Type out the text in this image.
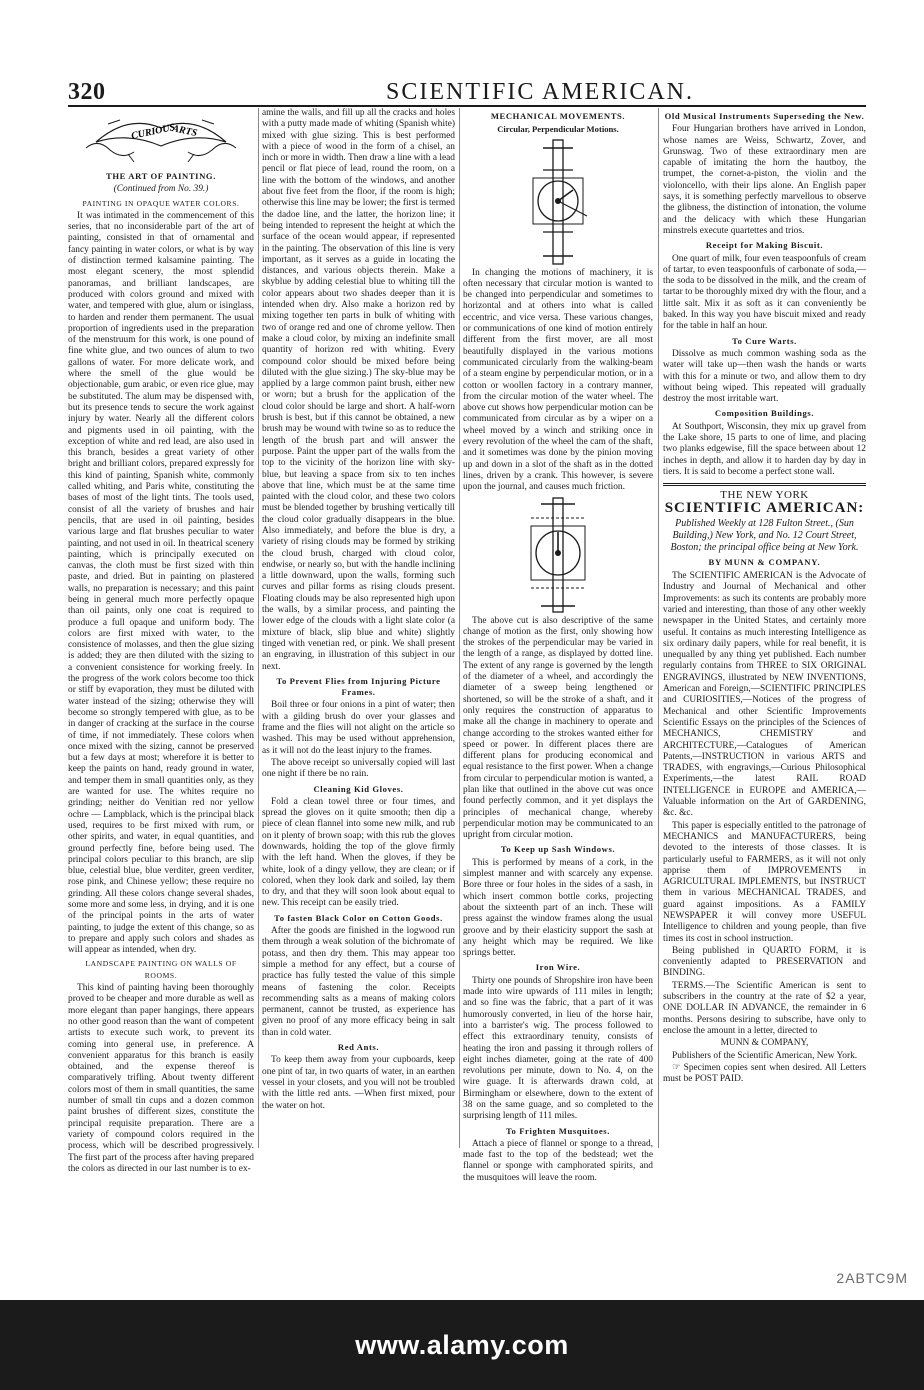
320	SCIENTIFIC AMERICAN.
CURIOUS
ARTS
CURIOUS ARTS
THE ART OF PAINTING.
(Continued from No. 39.)
PAINTING IN OPAQUE WATER COLORS.

It was intimated in the commencement of this series, that no inconsiderable part of the art of painting, consisted in that of ornamental and fancy painting in water colors, or what is by way of distinction termed kalsamine painting. The most elegant scenery, the most splendid panoramas, and brilliant landscapes, are produced with colors ground and mixed with water, and tempered with glue, alum or isinglass, to harden and render them permanent. The usual proportion of ingredients used in the preparation of the menstruum for this work, is one pound of fine white glue, and two ounces of alum to two gallons of water. For more delicate work, and where the smell of the glue would be objectionable, gum arabic, or even rice glue, may be substituted. The alum may be dispensed with, but its presence tends to secure the work against injury by water. Nearly all the different colors and pigments used in oil painting, with the exception of white and red lead, are also used in this branch, besides a great variety of other bright and brilliant colors, prepared expressly for this kind of painting, Spanish white, commonly called whiting, and Paris white, constituting the bases of most of the light tints. The tools used, consist of all the variety of brushes and hair pencils, that are used in oil painting, besides various large and flat brushes peculiar to water painting, and not used in oil. In theatrical scenery painting, which is principally executed on canvas, the cloth must be first sized with thin paste, and dried. But in painting on plastered walls, no preparation is necessary; and this paint being in general much more perfectly opaque than oil paints, only one coat is required to produce a full opaque and uniform body. The colors are first mixed with water, to the consistence of molasses, and then the glue sizing is added; they are then diluted with the sizing to a convenient consistence for working freely. In the progress of the work colors become too thick or stiff by evaporation, they must be diluted with water instead of the sizing; otherwise they will become so strongly tempered with glue, as to be in danger of cracking at the surface in the course of time, if not immediately. These colors when once mixed with the sizing, cannot be preserved but a few days at most; wherefore it is better to keep the paints on hand, ready ground in water, and temper them in small quantities only, as they are wanted for use. The whites require no grinding; neither do Venitian red nor yellow ochre — Lampblack, which is the principal black used, requires to be first mixed with rum, or other spirits, and water, in equal quantities, and ground perfectly fine, before being used. The principal colors peculiar to this branch, are slip blue, celestial blue, blue verditer, green verditer, rose pink, and Chinese yellow; these require no grinding. All these colors change several shades, some more and some less, in drying, and it is one of the principal points in the arts of water painting, to judge the extent of this change, so as to prepare and apply such colors and shades as will appear as intended, when dry.

LANDSCAPE PAINTING ON WALLS OF ROOMS.

This kind of painting having been thoroughly proved to be cheaper and more durable as well as more elegant than paper hangings, there appears no other good reason than the want of competent artists to execute such work, to prevent its coming into general use, in preference. A convenient apparatus for this branch is easily obtained, and the expense thereof is comparatively trifling. About twenty different colors most of them in small quantities, the same number of small tin cups and a dozen common paint brushes of different sizes, constitute the principal requisite preparation. There are a variety of compound colors required in the process, which will be described progressively. The first part of the process after having prepared the colors as directed in our last number is to ex-

amine the walls, and fill up all the cracks and holes with a putty made made of whiting (Spanish white) mixed with glue sizing. This is best performed with a piece of wood in the form of a chisel, an inch or more in width. Then draw a line with a lead pencil or flat piece of lead, round the room, on a line with the bottom of the windows, and another about five feet from the floor, if the room is high; otherwise this line may be lower; the first is termed the dadoe line, and the latter, the horizon line; it being intended to represent the height at which the surface of the ocean would appear, if represented in the painting. The observation of this line is very important, as it serves as a guide in locating the distances, and various objects therein. Make a skyblue by adding celestial blue to whiting till the color appears about two shades deeper than it is intended when dry. Also make a horizon red by mixing together ten parts in bulk of whiting with two of orange red and one of chrome yellow. Then make a cloud color, by mixing an indefinite small quantity of horizon red with whiting. Every compound color should be mixed before being diluted with the glue sizing.) The sky-blue may be applied by a large common paint brush, either new or worn; but a brush for the application of the cloud color should be large and short. A half-worn brush is best, but if this cannot be obtained, a new brush may be wound with twine so as to reduce the length of the brush part and will answer the purpose. Paint the upper part of the walls from the top to the vicinity of the horizon line with sky-blue, but leaving a space from six to ten inches above that line, which must be at the same time painted with the cloud color, and these two colors must be blended together by brushing vertically till the cloud color gradually disappears in the blue. Also immediately, and before the blue is dry, a variety of rising clouds may be formed by striking the cloud brush, charged with cloud color, endwise, or nearly so, but with the handle inclining a little downward, upon the walls, forming such curves and pillar forms as rising clouds present. Floating clouds may be also represented high upon the walls, by a similar process, and painting the lower edge of the clouds with a light slate color (a mixture of black, slip blue and white) slightly tinged with venetian red, or pink. We shall present an engraving, in illustration of this subject in our next.

To Prevent Flies from Injuring Picture Frames.

Boil three or four onions in a pint of water; then with a gilding brush do over your glasses and frame and the flies will not alight on the article so washed. This may be used without apprehension, as it will not do the least injury to the frames.

The above receipt so universally copied will last one night if there be no rain.

Cleaning Kid Gloves.

Fold a clean towel three or four times, and spread the gloves on it quite smooth; then dip a piece of clean flannel into some new milk, and rub on it plenty of brown soap; with this rub the gloves downwards, holding the top of the glove firmly with the left hand. When the gloves, if they be white, look of a dingy yellow, they are clean; or if colored, when they look dark and soiled, lay them to dry, and that they will soon look about equal to new. This receipt can be easily tried.

To fasten Black Color on Cotton Goods.

After the goods are finished in the logwood run them through a weak solution of the bichromate of potass, and then dry them. This may appear too simple a method for any effect, but a course of practice has fully tested the value of this simple means of fastening the color. Receipts recommending salts as a means of making colors permanent, cannot be trusted, as experience has given no proof of any more efficacy being in salt than in cold water.

Red Ants.

To keep them away from your cupboards, keep one pint of tar, in two quarts of water, in an earthen vessel in your closets, and you will not be troubled with the little red ants. —When first mixed, pour the water on hot.

MECHANICAL MOVEMENTS.
Circular, Perpendicular Motions.

In changing the motions of machinery, it is often necessary that circular motion is wanted to be changed into perpendicular and sometimes to horizontal and at others into what is called eccentric, and vice versa. These various changes, or communications of one kind of motion entirely different from the first mover, are all most beautifully displayed in the various motions communicated circularly from the walking-beam of a steam engine by perpendicular motion, or in a cotton or woollen factory in a contrary manner, from the circular motion of the water wheel. The above cut shows how perpendicular motion can be communicated from circular as by a wiper on a wheel moved by a winch and striking once in every revolution of the wheel the cam of the shaft, and it sometimes was done by the pinion moving up and down in a slot of the shaft as in the dotted lines, driven by a crank. This however, is severe upon the journal, and causes much friction.

The above cut is also descriptive of the same change of motion as the first, only showing how the strokes of the perpendicular may be varied in the length of a range, as displayed by dotted line. The extent of any range is governed by the length of the diameter of a wheel, and accordingly the diameter of a sweep being lengthened or shortened, so will be the stroke of a shaft, and it only requires the construction of apparatus to make all the change in machinery to operate and change according to the strokes wanted either for speed or power. In different places there are different plans for producing economical and equal resistance to the first power. When a change from circular to perpendicular motion is wanted, a plan like that outlined in the above cut was once found perfectly common, and it yet displays the principles of mechanical change, whereby perpendicular motion may be communicated to an upright from circular motion.

To Keep up Sash Windows.

This is performed by means of a cork, in the simplest manner and with scarcely any expense. Bore three or four holes in the sides of a sash, in which insert common bottle corks, projecting about the sixteenth part of an inch. These will press against the window frames along the usual groove and by their elasticity support the sash at any height which may be required. We like springs better.

Iron Wire.

Thirty one pounds of Shropshire iron have been made into wire upwards of 111 miles in length; and so fine was the fabric, that a part of it was humorously converted, in lieu of the horse hair, into a barrister's wig. The process followed to effect this extraordinary tenuity, consists of heating the iron and passing it through rollers of eight inches diameter, going at the rate of 400 revolutions per minute, down to No. 4, on the wire guage. It is afterwards drawn cold, at Birmingham or elsewhere, down to the extent of 38 on the same guage, and so completed to the surprising length of 111 miles.

To Frighten Musquitoes.

Attach a piece of flannel or sponge to a thread, made fast to the top of the bedstead; wet the flannel or sponge with camphorated spirits, and the musquitoes will leave the room.

Old Musical Instruments Superseding the New.

Four Hungarian brothers have arrived in London, whose names are Weiss, Schwartz, Zover, and Grunswag. Two of these extraordinary men are capable of imitating the horn the hautboy, the trumpet, the cornet-a-piston, the violin and the violoncello, with their lips alone. An English paper says, it is something perfectly marvellous to observe the glibness, the distinction of intonation, the volume and the delicacy with which these Hungarian minstrels execute quartettes and trios.

Receipt for Making Biscuit.

One quart of milk, four even teaspoonfuls of cream of tartar, to even teaspoonfuls of carbonate of soda,—the soda to be dissolved in the milk, and the cream of tartar to be thoroughly mixed dry with the flour, and a little salt. Mix it as soft as it can conveniently be baked. In this way you have biscuit mixed and ready for the table in half an hour.

To Cure Warts.

Dissolve as much common washing soda as the water will take up—then wash the hands or warts with this for a minute or two, and allow them to dry without being wiped. This repeated will gradually destroy the most irritable wart.

Composition Buildings.

At Southport, Wisconsin, they mix up gravel from the Lake shore, 15 parts to one of lime, and placing two planks edgewise, fill the space between about 12 inches in depth, and allow it to harden day by day in tiers. It is said to become a perfect stone wall.

THE NEW YORK
SCIENTIFIC AMERICAN:
Published Weekly at 128 Fulton Street., (Sun Building,) New York, and No. 12 Court Street, Boston; the principal office being at New York.
BY MUNN & COMPANY.

The SCIENTIFIC AMERICAN is the Advocate of Industry and Journal of Mechanical and other Improvements: as such its contents are probably more varied and interesting, than those of any other weekly newspaper in the United States, and certainly more useful. It contains as much interesting Intelligence as six ordinary daily papers, while for real benefit, it is unequalled by any thing yet published. Each number regularly contains from THREE to SIX ORIGINAL ENGRAVINGS, illustrated by NEW INVENTIONS, American and Foreign,—SCIENTIFIC PRINCIPLES and CURIOSITIES,—Notices of the progress of Mechanical and other Scientific Improvements Scientific Essays on the principles of the Sciences of MECHANICS, CHEMISTRY and ARCHITECTURE,—Catalogues of American Patents,—INSTRUCTION in various ARTS and TRADES, with engravings,—Curious Philosophical Experiments,—the latest RAIL ROAD INTELLIGENCE in EUROPE and AMERICA,—Valuable information on the Art of GARDENING, &c. &c.

This paper is especially entitled to the patronage of MECHANICS and MANUFACTURERS, being devoted to the interests of those classes. It is particularly useful to FARMERS, as it will not only apprise them of IMPROVEMENTS in AGRICULTURAL IMPLEMENTS, but INSTRUCT them in various MECHANICAL TRADES, and guard against impositions. As a FAMILY NEWSPAPER it will convey more USEFUL Intelligence to children and young people, than five times its cost in school instruction.

Being published in QUARTO FORM, it is conveniently adapted to PRESERVATION and BINDING.

TERMS.—The Scientific American is sent to subscribers in the country at the rate of $2 a year, ONE DOLLAR IN ADVANCE, the remainder in 6 months. Persons desiring to subscribe, have only to enclose the amount in a letter, directed to

MUNN & COMPANY,

Publishers of the Scientific American, New York.

☞ Specimen copies sent when desired. All Letters must be POST PAID.

2ABTC9M
www.alamy.com
